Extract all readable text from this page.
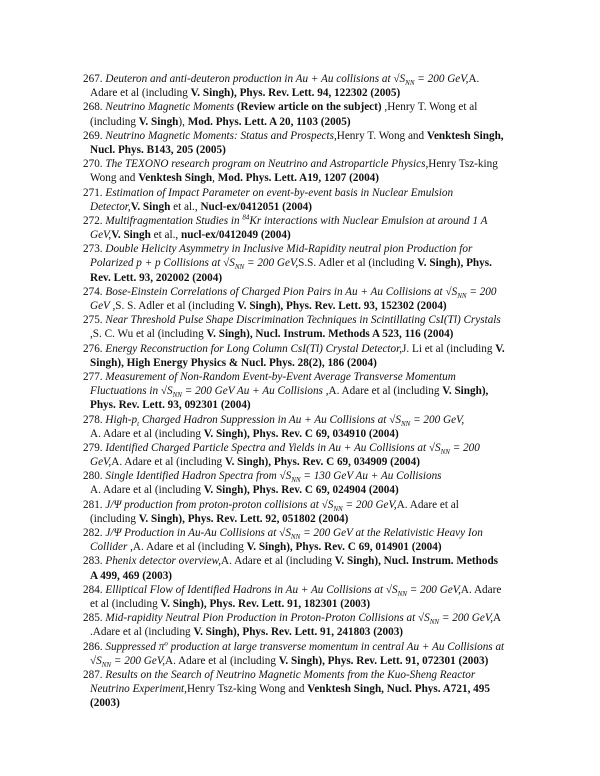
267. Deuteron and anti-deuteron production in Au + Au collisions at $√S_{NN} = 200$ GeV,A.
Adare et al (including V. Singh), Phys. Rev. Lett. 94, 122302 (2005)
268. Neutrino Magnetic Moments (Review article on the subject) ,Henry T. Wong et al
(including V. Singh), Mod. Phys. Lett. A 20, 1103 (2005)
269. Neutrino Magnetic Moments: Status and Prospects,Henry T. Wong and Venktesh Singh,
Nucl. Phys. B143, 205 (2005)
270. The TEXONO research program on Neutrino and Astroparticle Physics,Henry Tsz-king
Wong and Venktesh Singh, Mod. Phys. Lett. A19, 1207 (2004)
271. Estimation of Impact Parameter on event-by-event basis in Nuclear Emulsion
Detector,V. Singh et al., Nucl-ex/0412051 (2004)
272. Multifragmentation Studies in $^{84}$Kr interactions with Nuclear Emulsion at around 1 A
GeV,V. Singh et al., nucl-ex/0412049 (2004)
273. Double Helicity Asymmetry in Inclusive Mid-Rapidity neutral pion Production for
Polarized p + p Collisions at $√S_{NN} = 200$ GeV,S.S. Adler et al (including V. Singh), Phys.
Rev. Lett. 93, 202002 (2004)
274. Bose-Einstein Correlations of Charged Pion Pairs in Au + Au Collisions at $√S_{NN} = 200$
GeV ,S. S. Adler et al (including V. Singh), Phys. Rev. Lett. 93, 152302 (2004)
275. Near Threshold Pulse Shape Discrimination Techniques in Scintillating CsI(Tl) Crystals
,S. C. Wu et al (including V. Singh), Nucl. Instrum. Methods A 523, 116 (2004)
276. Energy Reconstruction for Long Column CsI(Tl) Crystal Detector,J. Li et al (including V.
Singh), High Energy Physics & Nucl. Phys. 28(2), 186 (2004)
277. Measurement of Non-Random Event-by-Event Average Transverse Momentum
Fluctuations in $√S_{NN} = 200$ GeV Au + Au Collisions ,A. Adare et al (including V. Singh),
Phys. Rev. Lett. 93, 092301 (2004)
278. High-$p_t$ Charged Hadron Suppression in Au + Au Collisions at $√S_{NN} = 200$ GeV,
A. Adare et al (including V. Singh), Phys. Rev. C 69, 034910 (2004)
279. Identified Charged Particle Spectra and Yields in Au + Au Collisions at $√S_{NN} = 200$
GeV,A. Adare et al (including V. Singh), Phys. Rev. C 69, 034909 (2004)
280. Single Identified Hadron Spectra from $√S_{NN} = 130$ GeV Au + Au Collisions
A. Adare et al (including V. Singh), Phys. Rev. C 69, 024904 (2004)
281. J/Ψ production from proton-proton collisions at $√S_{NN} = 200$ GeV,A. Adare et al
(including V. Singh), Phys. Rev. Lett. 92, 051802 (2004)
282. J/Ψ Production in Au-Au Collisions at $√S_{NN} = 200$ GeV at the Relativistic Heavy Ion
Collider ,A. Adare et al (including V. Singh), Phys. Rev. C 69, 014901 (2004)
283. Phenix detector overview,A. Adare et al (including V. Singh), Nucl. Instrum. Methods
A 499, 469 (2003)
284. Elliptical Flow of Identified Hadrons in Au + Au Collisions at $√S_{NN} = 200$ GeV,A. Adare
et al (including V. Singh), Phys. Rev. Lett. 91, 182301 (2003)
285. Mid-rapidity Neutral Pion Production in Proton-Proton Collisions at $√S_{NN} = 200$ GeV,A
.Adare et al (including V. Singh), Phys. Rev. Lett. 91, 241803 (2003)
286. Suppressed $\pi^o$ production at large transverse momentum in central Au + Au Collisions at
$√S_{NN} = 200$ GeV,A. Adare et al (including V. Singh), Phys. Rev. Lett. 91, 072301 (2003)
287. Results on the Search of Neutrino Magnetic Moments from the Kuo-Sheng Reactor
Neutrino Experiment,Henry Tsz-king Wong and Venktesh Singh, Nucl. Phys. A721, 495
(2003)
